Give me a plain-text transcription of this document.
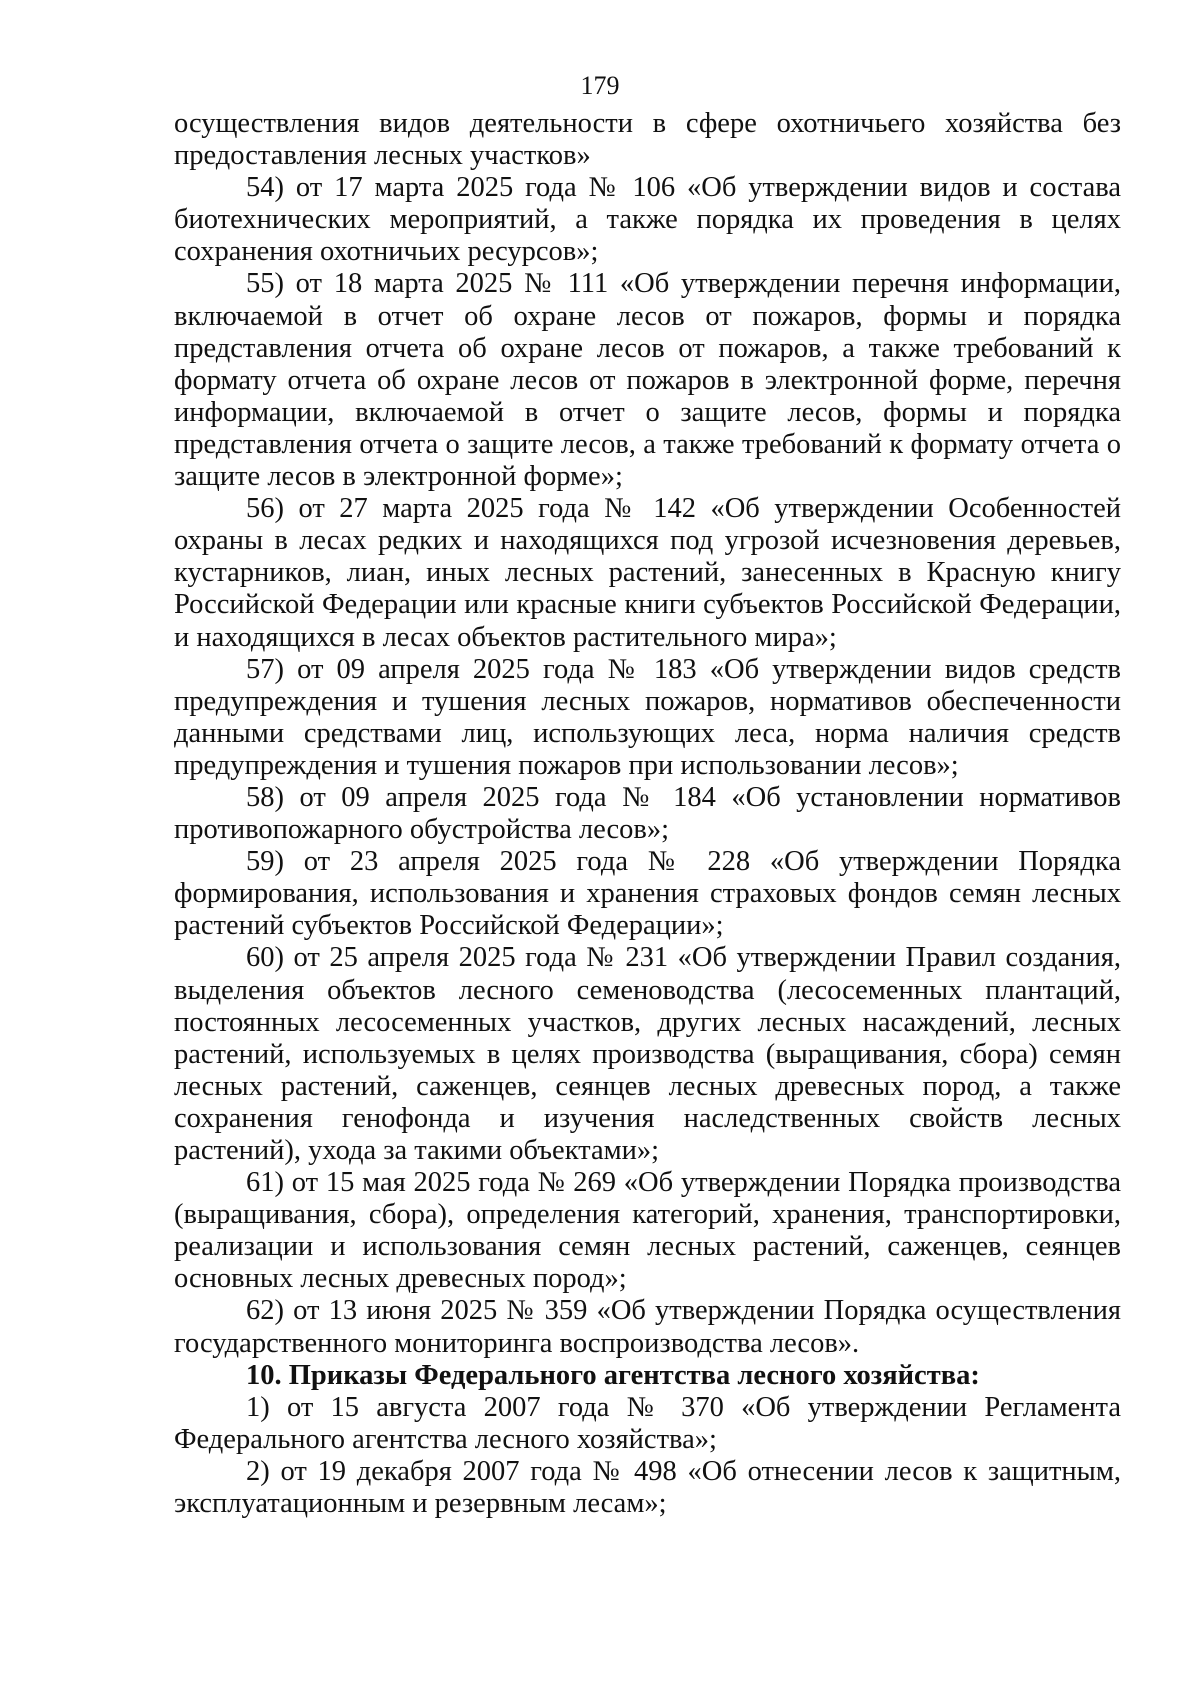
179

осуществления видов деятельности в сфере охотничьего хозяйства без предоставления лесных участков»

54) от 17 марта 2025 года № 106 «Об утверждении видов и состава биотехнических мероприятий, а также порядка их проведения в целях сохранения охотничьих ресурсов»;

55) от 18 марта 2025 № 111 «Об утверждении перечня информации, включаемой в отчет об охране лесов от пожаров, формы и порядка представления отчета об охране лесов от пожаров, а также требований к формату отчета об охране лесов от пожаров в электронной форме, перечня информации, включаемой в отчет о защите лесов, формы и порядка представления отчета о защите лесов, а также требований к формату отчета о защите лесов в электронной форме»;

56) от 27 марта 2025 года № 142 «Об утверждении Особенностей охраны в лесах редких и находящихся под угрозой исчезновения деревьев, кустарников, лиан, иных лесных растений, занесенных в Красную книгу Российской Федерации или красные книги субъектов Российской Федерации, и находящихся в лесах объектов растительного мира»;

57) от 09 апреля 2025 года № 183 «Об утверждении видов средств предупреждения и тушения лесных пожаров, нормативов обеспеченности данными средствами лиц, использующих леса, норма наличия средств предупреждения и тушения пожаров при использовании лесов»;

58) от 09 апреля 2025 года № 184 «Об установлении нормативов противопожарного обустройства лесов»;

59) от 23 апреля 2025 года № 228 «Об утверждении Порядка формирования, использования и хранения страховых фондов семян лесных растений субъектов Российской Федерации»;

60) от 25 апреля 2025 года № 231 «Об утверждении Правил создания, выделения объектов лесного семеноводства (лесосеменных плантаций, постоянных лесосеменных участков, других лесных насаждений, лесных растений, используемых в целях производства (выращивания, сбора) семян лесных растений, саженцев, сеянцев лесных древесных пород, а также сохранения генофонда и изучения наследственных свойств лесных растений), ухода за такими объектами»;

61) от 15 мая 2025 года № 269 «Об утверждении Порядка производства (выращивания, сбора), определения категорий, хранения, транспортировки, реализации и использования семян лесных растений, саженцев, сеянцев основных лесных древесных пород»;

62) от 13 июня 2025 № 359 «Об утверждении Порядка осуществления государственного мониторинга воспроизводства лесов».

10. Приказы Федерального агентства лесного хозяйства:

1) от 15 августа 2007 года № 370 «Об утверждении Регламента Федерального агентства лесного хозяйства»;

2) от 19 декабря 2007 года № 498 «Об отнесении лесов к защитным, эксплуатационным и резервным лесам»;
